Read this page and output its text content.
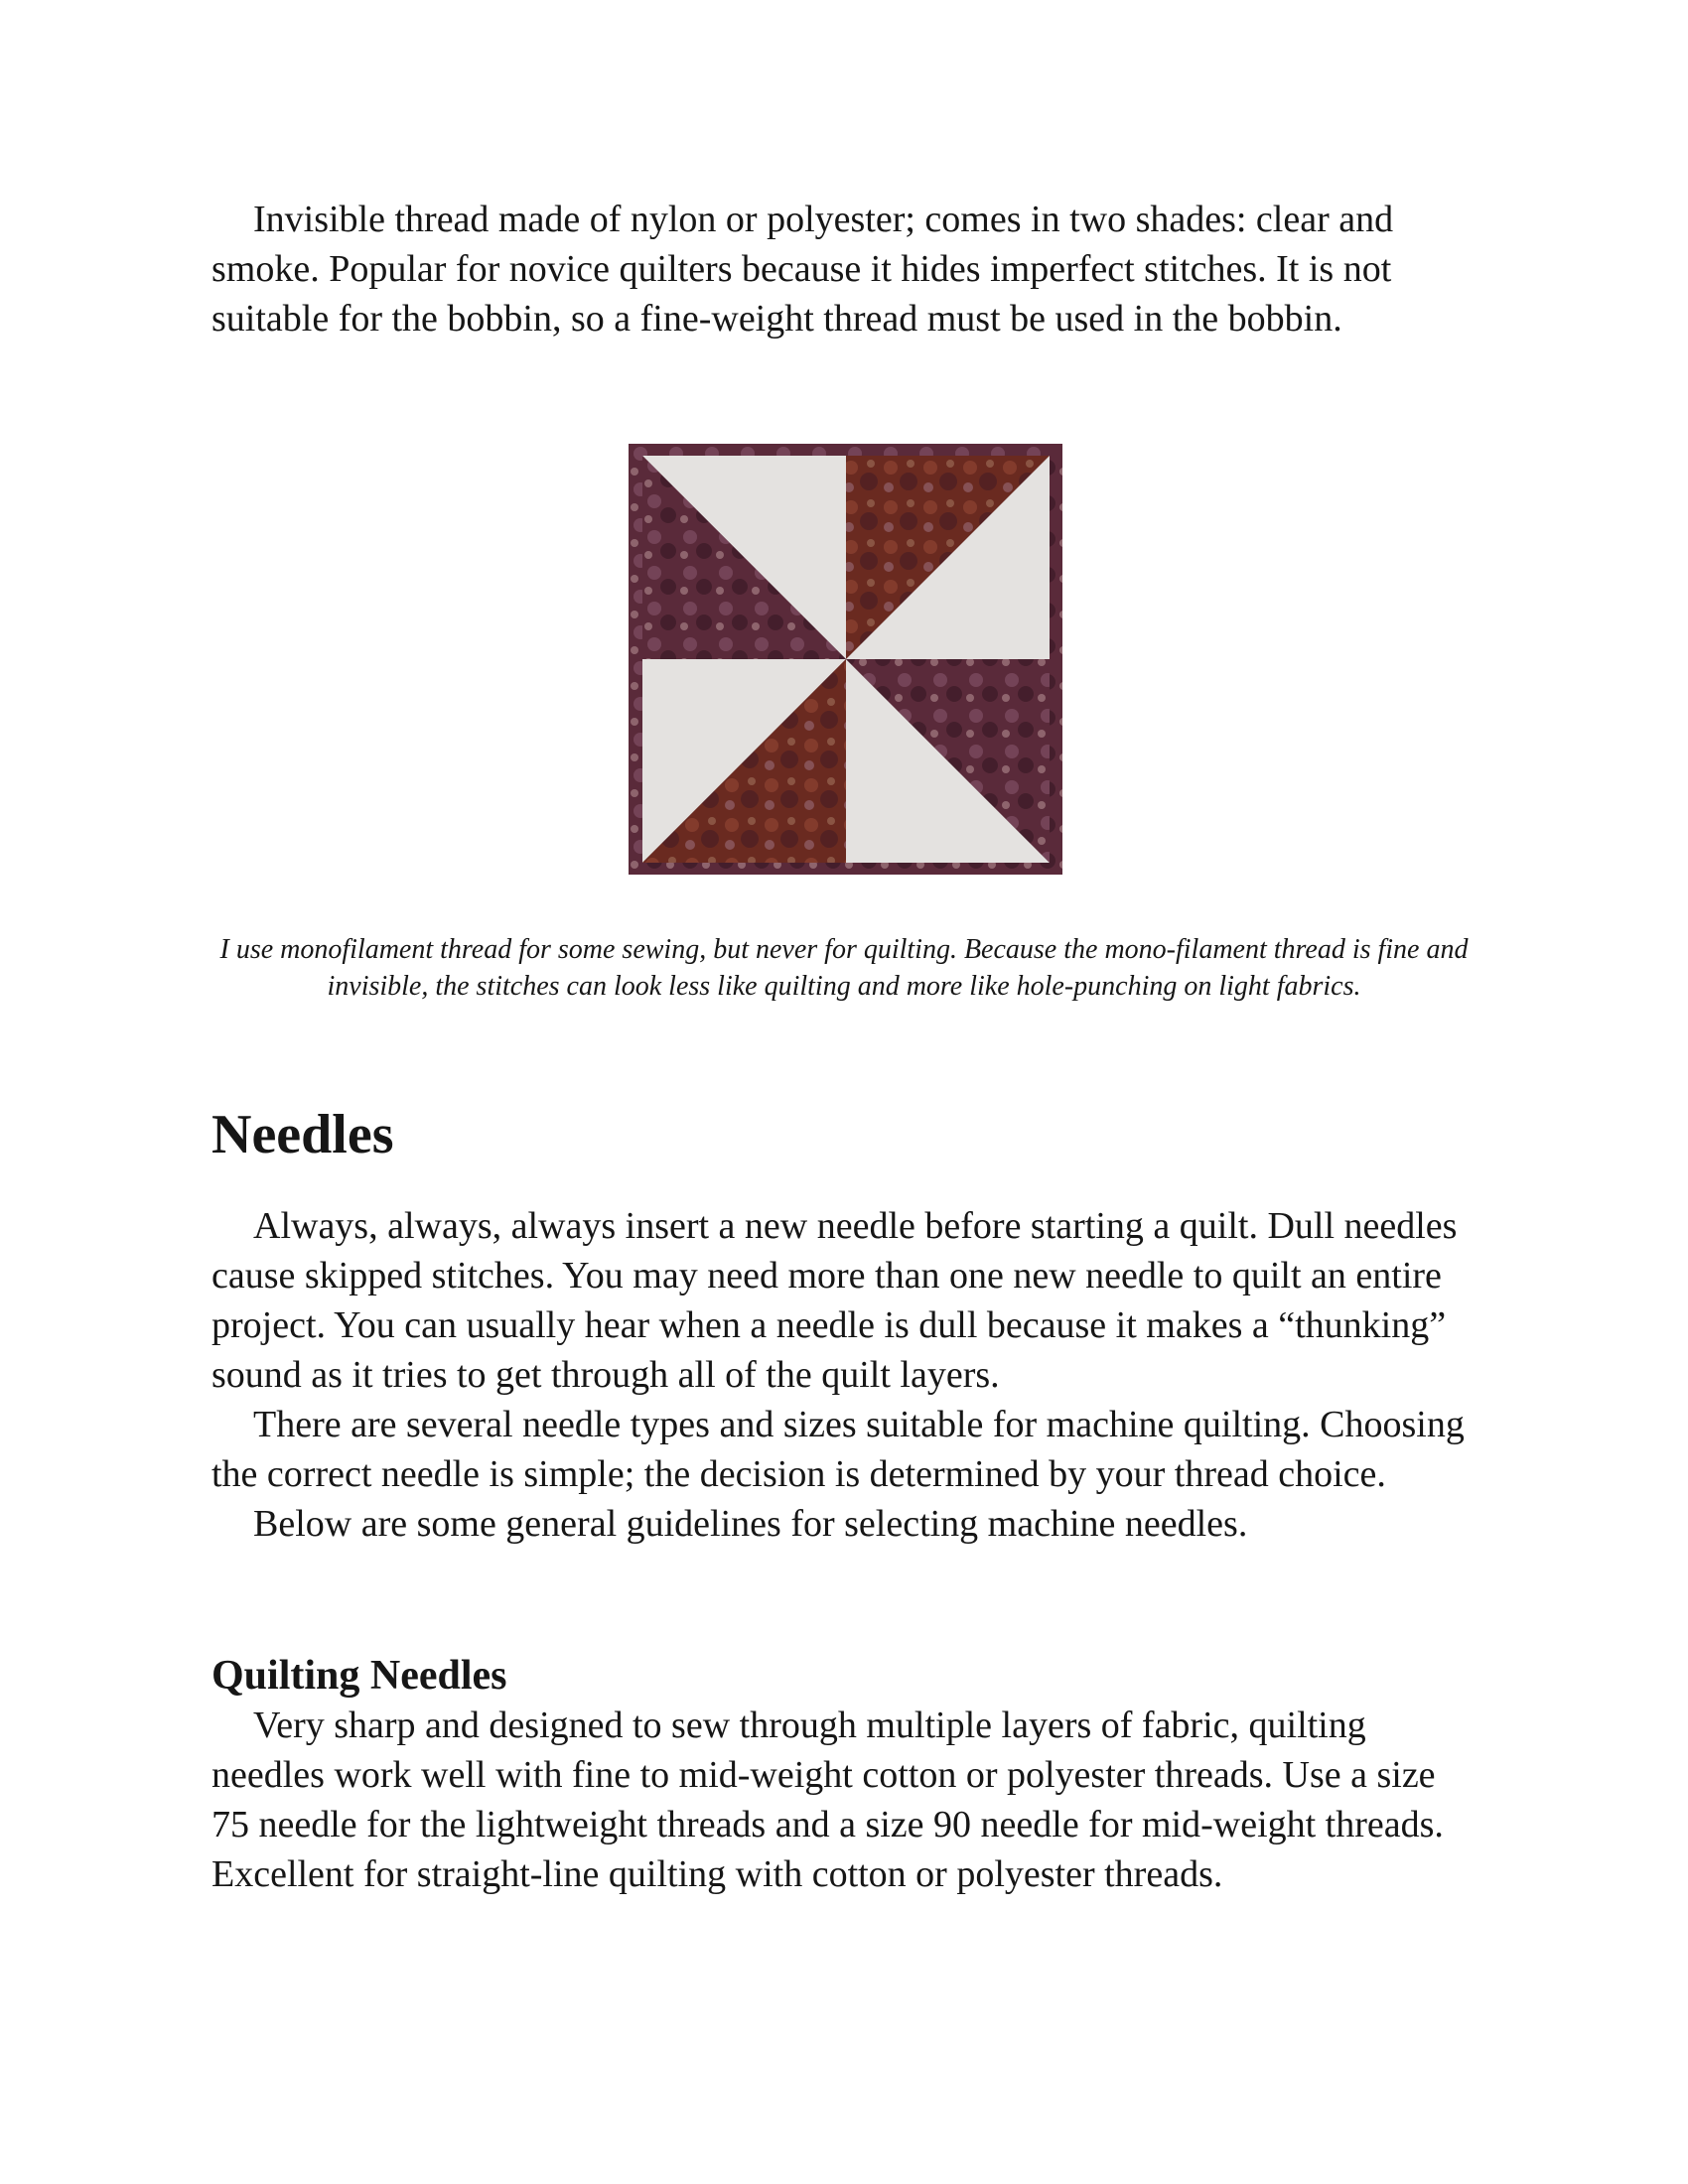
Invisible thread made of nylon or polyester; comes in two shades: clear and smoke. Popular for novice quilters because it hides imperfect stitches. It is not suitable for the bobbin, so a fine-weight thread must be used in the bobbin.

I use monofilament thread for some sewing, but never for quilting. Because the mono-filament thread is fine and invisible, the stitches can look less like quilting and more like hole-punching on light fabrics.

Needles

Always, always, always insert a new needle before starting a quilt. Dull needles cause skipped stitches. You may need more than one new needle to quilt an entire project. You can usually hear when a needle is dull because it makes a “thunking” sound as it tries to get through all of the quilt layers.

There are several needle types and sizes suitable for machine quilting. Choosing the correct needle is simple; the decision is determined by your thread choice.

Below are some general guidelines for selecting machine needles.

Quilting Needles

Very sharp and designed to sew through multiple layers of fabric, quilting needles work well with fine to mid-weight cotton or polyester threads. Use a size 75 needle for the lightweight threads and a size 90 needle for mid-weight threads. Excellent for straight-line quilting with cotton or polyester threads.
